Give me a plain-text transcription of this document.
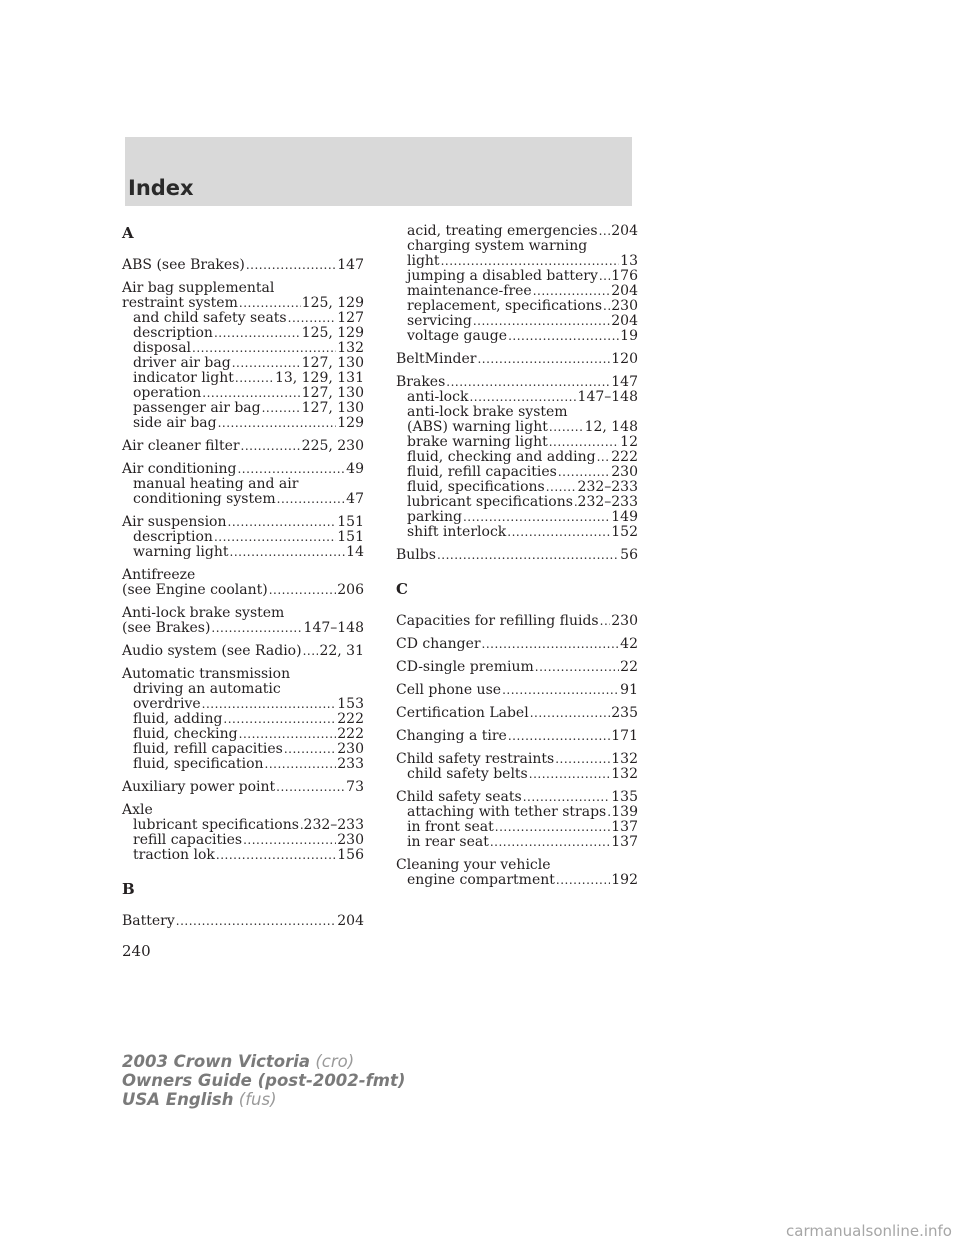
Index
A
ABS (see Brakes) .....	147
Air bag supplemental
restraint system .....	125, 129
and child safety seats .....	127
description .....	125, 129
disposal .....	132
driver air bag .....	127, 130
indicator light .....	13, 129, 131
operation .....	127, 130
passenger air bag .....	127, 130
side air bag .....	129
Air cleaner filter .....	225, 230
Air conditioning .....	49
manual heating and air
conditioning system .....	47
Air suspension .....	151
description .....	151
warning light .....	14
Antifreeze
(see Engine coolant) .....	206
Anti-lock brake system
(see Brakes) .....	147–148
Audio system (see Radio) ..... 22, 31
Automatic transmission
driving an automatic
overdrive .....	153
fluid, adding .....	222
fluid, checking .....	222
fluid, refill capacities .....	230
fluid, specification .....	233
Auxiliary power point .....	73
Axle
lubricant specifications ..... 232–233
refill capacities .....	230
traction lok .....	156
B
Battery .....	204
acid, treating emergencies ..... 204
charging system warning
light .....	13
jumping a disabled battery ..... 176
maintenance-free .....	204
replacement, specifications ..... 230
servicing .....	204
voltage gauge .....	19
BeltMinder .....	120
Brakes .....	147
anti-lock .....	147–148
anti-lock brake system
(ABS) warning light .....	12, 148
brake warning light .....	12
fluid, checking and adding ..... 222
fluid, refill capacities .....	230
fluid, specifications ..... 232–233
lubricant specifications ..... 232–233
parking .....	149
shift interlock .....	152
Bulbs .....	56
C
Capacities for refilling fluids ..... 230
CD changer .....	42
CD-single premium .....	22
Cell phone use .....	91
Certification Label .....	235
Changing a tire .....	171
Child safety restraints .....	132
child safety belts .....	132
Child safety seats .....	135
attaching with tether straps ..... 139
in front seat .....	137
in rear seat .....	137
Cleaning your vehicle
engine compartment .....	192
240
2003 Crown Victoria (cro)
Owners Guide (post-2002-fmt)
USA English (fus)
carmanualsonline.info
